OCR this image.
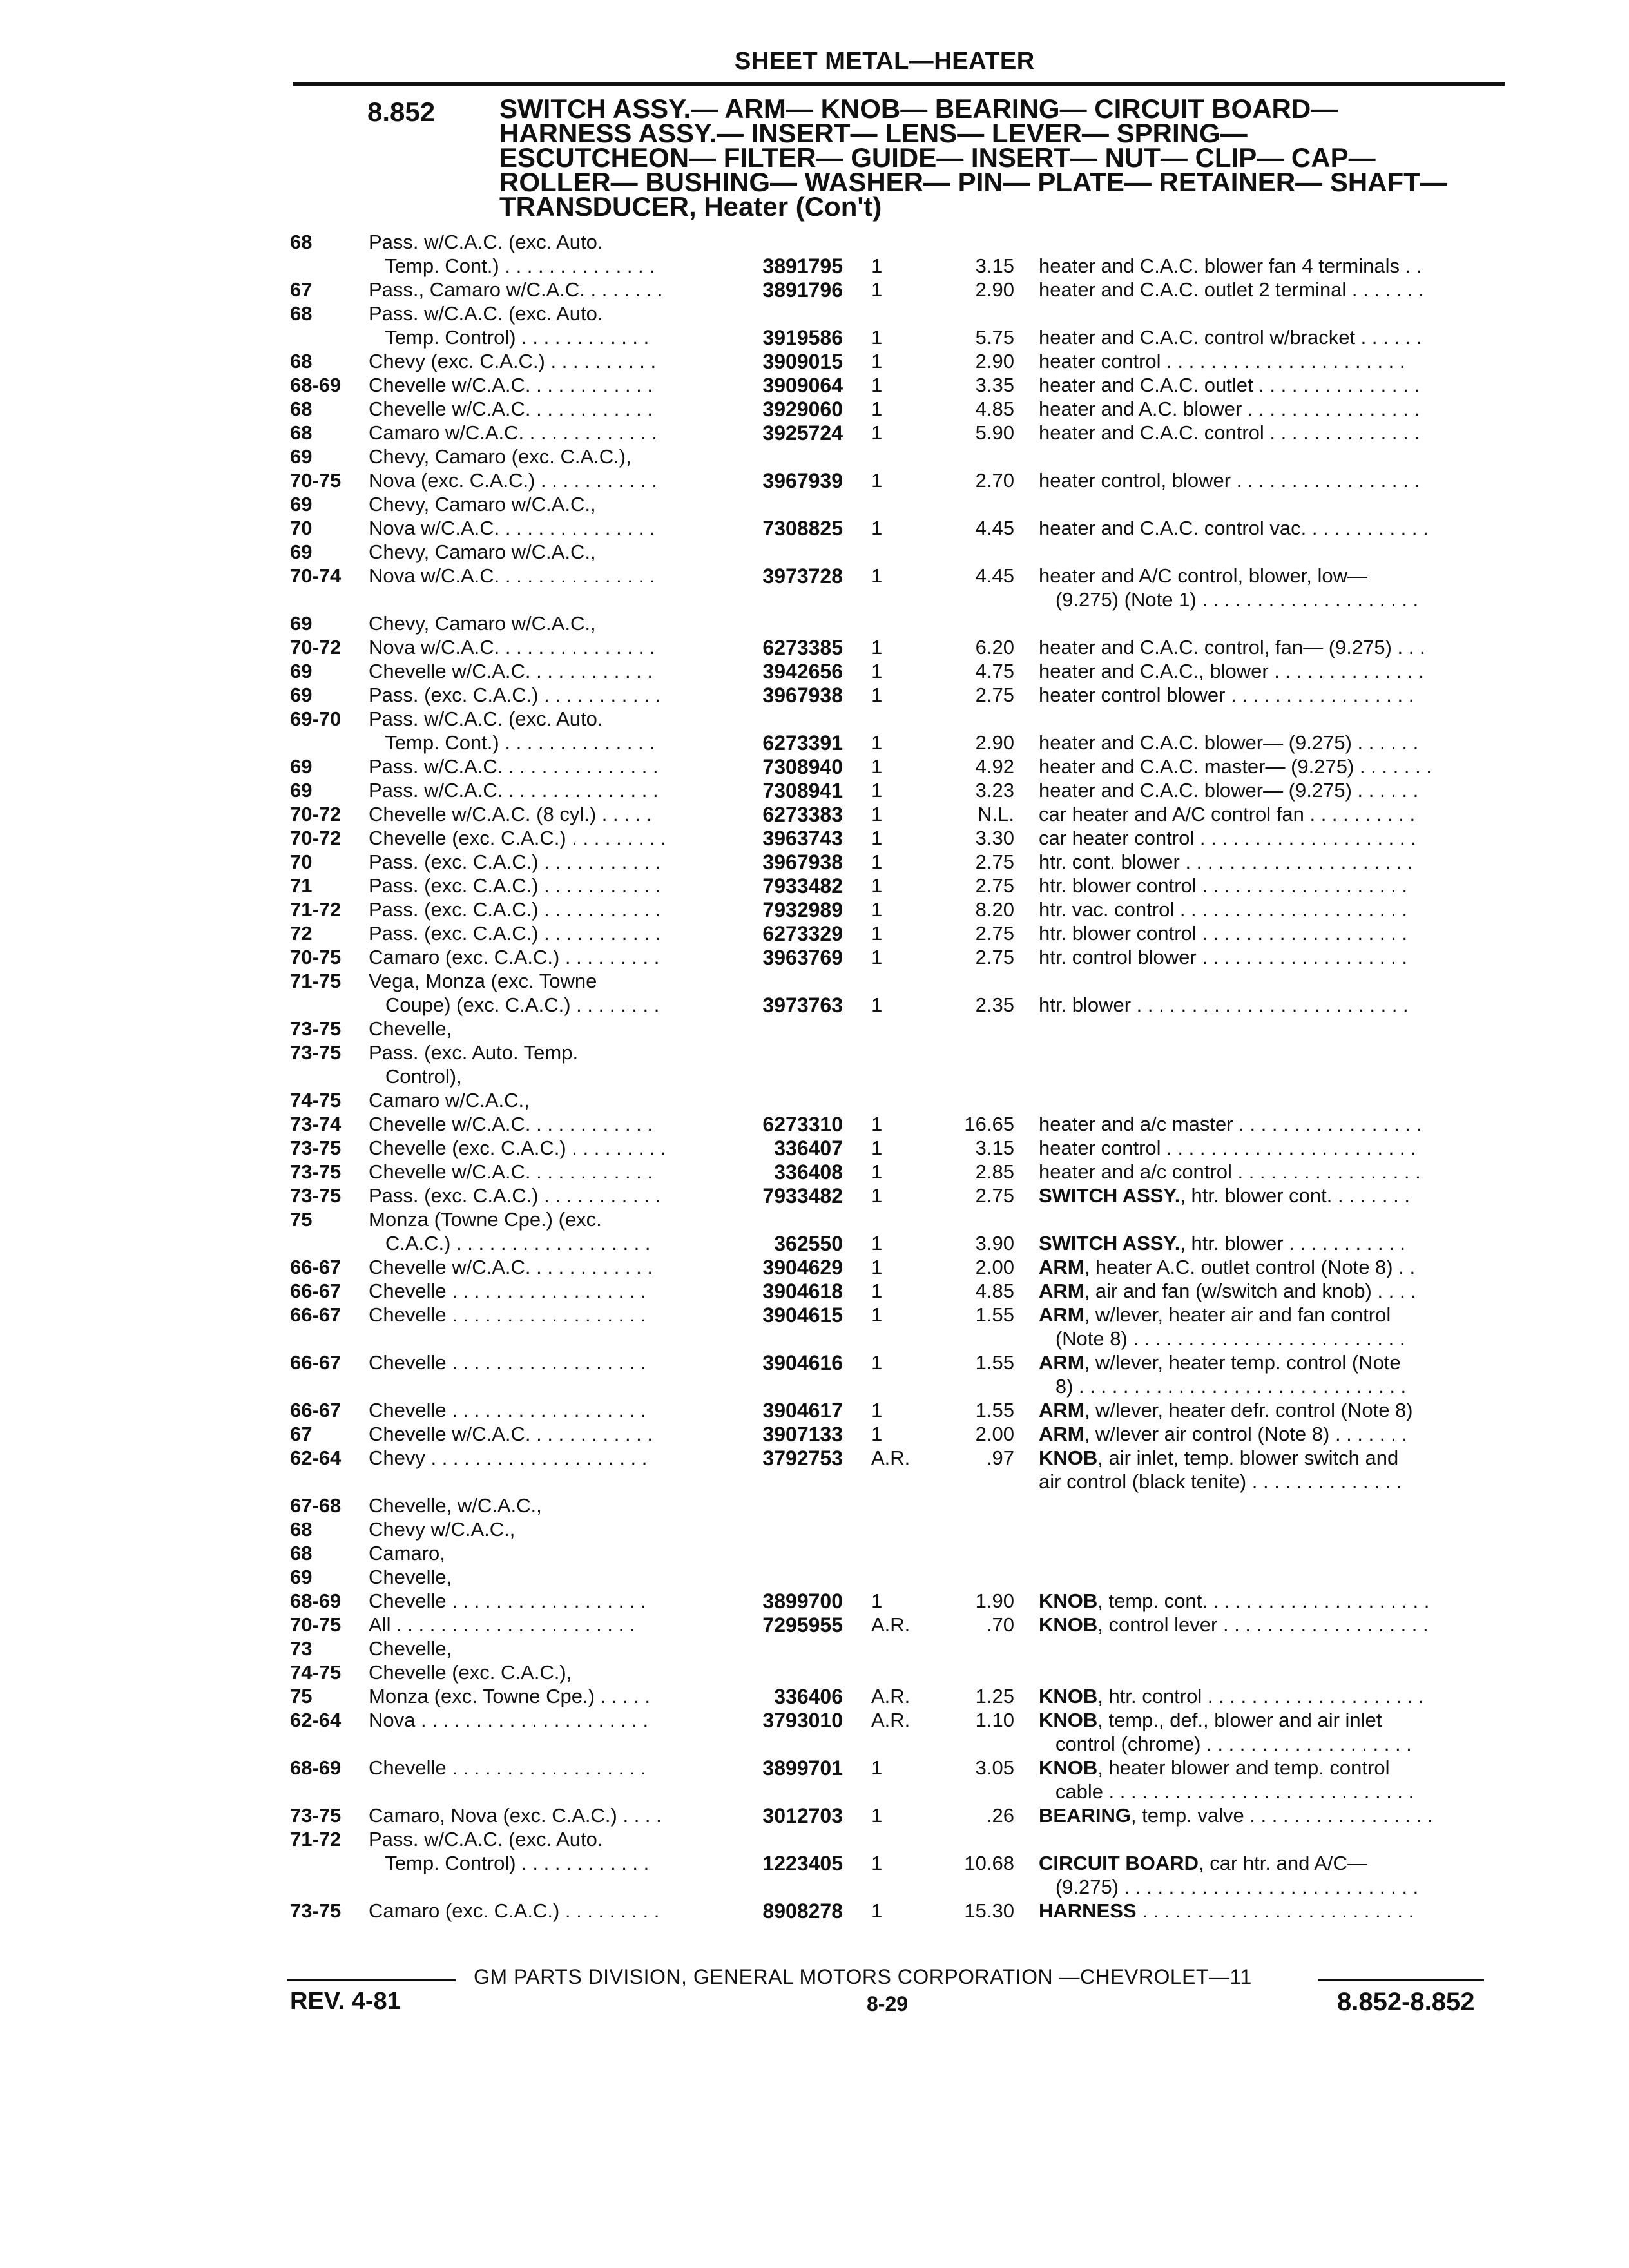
SHEET METAL—HEATER
8.852 SWITCH ASSY.— ARM— KNOB— BEARING— CIRCUIT BOARD—
HARNESS ASSY.— INSERT— LENS— LEVER— SPRING—
ESCUTCHEON— FILTER— GUIDE— INSERT— NUT— CLIP— CAP—
ROLLER— BUSHING— WASHER— PIN— PLATE— RETAINER— SHAFT—
TRANSDUCER, Heater (Con't)
68	Pass. w/C.A.C. (exc. Auto.
Temp. Cont.) . . . . . . . . . . . . . .	3891795 1	3.15 heater and C.A.C. blower fan 4 terminals . .
67	Pass., Camaro w/C.A.C. . . . . . . .	3891796 1	2.90 heater and C.A.C. outlet 2 terminal . . . . . . .
68	Pass. w/C.A.C. (exc. Auto.
Temp. Control) . . . . . . . . . . . .	3919586 1	5.75 heater and C.A.C. control w/bracket . . . . . .
68	Chevy (exc. C.A.C.) . . . . . . . . . .	3909015 1	2.90 heater control . . . . . . . . . . . . . . . . . . . . . .
68-69 Chevelle w/C.A.C. . . . . . . . . . . .	3909064 1	3.35 heater and C.A.C. outlet . . . . . . . . . . . . . . .
68	Chevelle w/C.A.C. . . . . . . . . . . .	3929060 1	4.85 heater and A.C. blower . . . . . . . . . . . . . . . .
68	Camaro w/C.A.C. . . . . . . . . . . . .	3925724 1	5.90 heater and C.A.C. control . . . . . . . . . . . . . .
69	Chevy, Camaro (exc. C.A.C.),
70-75 Nova (exc. C.A.C.) . . . . . . . . . . .	3967939 1	2.70 heater control, blower . . . . . . . . . . . . . . . . .
69	Chevy, Camaro w/C.A.C.,
70	Nova w/C.A.C. . . . . . . . . . . . . . .	7308825 1	4.45 heater and C.A.C. control vac. . . . . . . . . . . .
69	Chevy, Camaro w/C.A.C.,
70-74 Nova w/C.A.C. . . . . . . . . . . . . . .	3973728 1	4.45 heater and A/C control, blower, low—
(9.275) (Note 1) . . . . . . . . . . . . . . . . . . . .
69	Chevy, Camaro w/C.A.C.,
70-72 Nova w/C.A.C. . . . . . . . . . . . . . .	6273385 1	6.20 heater and C.A.C. control, fan— (9.275) . . .
69	Chevelle w/C.A.C. . . . . . . . . . . .	3942656 1	4.75 heater and C.A.C., blower . . . . . . . . . . . . . .
69	Pass. (exc. C.A.C.) . . . . . . . . . . .	3967938 1	2.75 heater control blower . . . . . . . . . . . . . . . . .
69-70 Pass. w/C.A.C. (exc. Auto.
Temp. Cont.) . . . . . . . . . . . . . .	6273391 1	2.90 heater and C.A.C. blower— (9.275) . . . . . .
69	Pass. w/C.A.C. . . . . . . . . . . . . . .	7308940 1	4.92 heater and C.A.C. master— (9.275) . . . . . . .
69	Pass. w/C.A.C. . . . . . . . . . . . . . .	7308941 1	3.23 heater and C.A.C. blower— (9.275) . . . . . .
70-72 Chevelle w/C.A.C. (8 cyl.) . . . . .	6273383 1	N.L. car heater and A/C control fan . . . . . . . . . .
70-72 Chevelle (exc. C.A.C.) . . . . . . . . .	3963743 1	3.30 car heater control . . . . . . . . . . . . . . . . . . . .
70	Pass. (exc. C.A.C.) . . . . . . . . . . .	3967938 1	2.75 htr. cont. blower . . . . . . . . . . . . . . . . . . . . .
71	Pass. (exc. C.A.C.) . . . . . . . . . . .	7933482 1	2.75 htr. blower control . . . . . . . . . . . . . . . . . . .
71-72 Pass. (exc. C.A.C.) . . . . . . . . . . .	7932989 1	8.20 htr. vac. control . . . . . . . . . . . . . . . . . . . . .
72	Pass. (exc. C.A.C.) . . . . . . . . . . .	6273329 1	2.75 htr. blower control . . . . . . . . . . . . . . . . . . .
70-75 Camaro (exc. C.A.C.) . . . . . . . . .	3963769 1	2.75 htr. control blower . . . . . . . . . . . . . . . . . . .
71-75 Vega, Monza (exc. Towne
Coupe) (exc. C.A.C.) . . . . . . . .	3973763 1	2.35 htr. blower . . . . . . . . . . . . . . . . . . . . . . . . .
73-75 Chevelle,
73-75 Pass. (exc. Auto. Temp.
Control),
74-75 Camaro w/C.A.C.,
73-74 Chevelle w/C.A.C. . . . . . . . . . . .	6273310 1	16.65 heater and a/c master . . . . . . . . . . . . . . . . .
73-75 Chevelle (exc. C.A.C.) . . . . . . . . .	336407 1	3.15 heater control . . . . . . . . . . . . . . . . . . . . . . .
73-75 Chevelle w/C.A.C. . . . . . . . . . . .	336408 1	2.85 heater and a/c control . . . . . . . . . . . . . . . . .
73-75 Pass. (exc. C.A.C.) . . . . . . . . . . .	7933482 1	2.75 SWITCH ASSY., htr. blower cont. . . . . . . .
75	Monza (Towne Cpe.) (exc.
C.A.C.) . . . . . . . . . . . . . . . . . .	362550 1	3.90 SWITCH ASSY., htr. blower . . . . . . . . . . .
66-67 Chevelle w/C.A.C. . . . . . . . . . . .	3904629 1	2.00 ARM, heater A.C. outlet control (Note 8) . .
66-67 Chevelle . . . . . . . . . . . . . . . . . .	3904618 1	4.85 ARM, air and fan (w/switch and knob) . . . .
66-67 Chevelle . . . . . . . . . . . . . . . . . .	3904615 1	1.55 ARM, w/lever, heater air and fan control
(Note 8) . . . . . . . . . . . . . . . . . . . . . . . . .
66-67 Chevelle . . . . . . . . . . . . . . . . . .	3904616 1	1.55 ARM, w/lever, heater temp. control (Note
8) . . . . . . . . . . . . . . . . . . . . . . . . . . . . . .
66-67 Chevelle . . . . . . . . . . . . . . . . . .	3904617 1	1.55 ARM, w/lever, heater defr. control (Note 8)
67	Chevelle w/C.A.C. . . . . . . . . . . .	3907133 1	2.00 ARM, w/lever air control (Note 8) . . . . . . .
62-64 Chevy . . . . . . . . . . . . . . . . . . . .	3792753 A.R.	.97 KNOB, air inlet, temp. blower switch and
air control (black tenite) . . . . . . . . . . . . . .
67-68 Chevelle, w/C.A.C.,
68	Chevy w/C.A.C.,
68	Camaro,
69	Chevelle,
68-69 Chevelle . . . . . . . . . . . . . . . . . .	3899700 1	1.90 KNOB, temp. cont. . . . . . . . . . . . . . . . . . . . .
70-75 All . . . . . . . . . . . . . . . . . . . . . .	7295955 A.R.	.70 KNOB, control lever . . . . . . . . . . . . . . . . . . .
73	Chevelle,
74-75 Chevelle (exc. C.A.C.),
75	Monza (exc. Towne Cpe.) . . . . .	336406 A.R.	1.25 KNOB, htr. control . . . . . . . . . . . . . . . . . . . .
62-64 Nova . . . . . . . . . . . . . . . . . . . . .	3793010 A.R.	1.10 KNOB, temp., def., blower and air inlet
control (chrome) . . . . . . . . . . . . . . . . . . .
68-69 Chevelle . . . . . . . . . . . . . . . . . .	3899701 1	3.05 KNOB, heater blower and temp. control
cable . . . . . . . . . . . . . . . . . . . . . . . . . . . .
73-75 Camaro, Nova (exc. C.A.C.) . . . .	3012703 1	.26 BEARING, temp. valve . . . . . . . . . . . . . . . . .
71-72 Pass. w/C.A.C. (exc. Auto.
Temp. Control) . . . . . . . . . . . .	1223405 1	10.68 CIRCUIT BOARD, car htr. and A/C—
(9.275) . . . . . . . . . . . . . . . . . . . . . . . . . . .
73-75 Camaro (exc. C.A.C.) . . . . . . . . .	8908278 1	15.30 HARNESS . . . . . . . . . . . . . . . . . . . . . . . . .
GM PARTS DIVISION, GENERAL MOTORS CORPORATION —CHEVROLET—11
REV. 4-81	8-29	8.852-8.852
